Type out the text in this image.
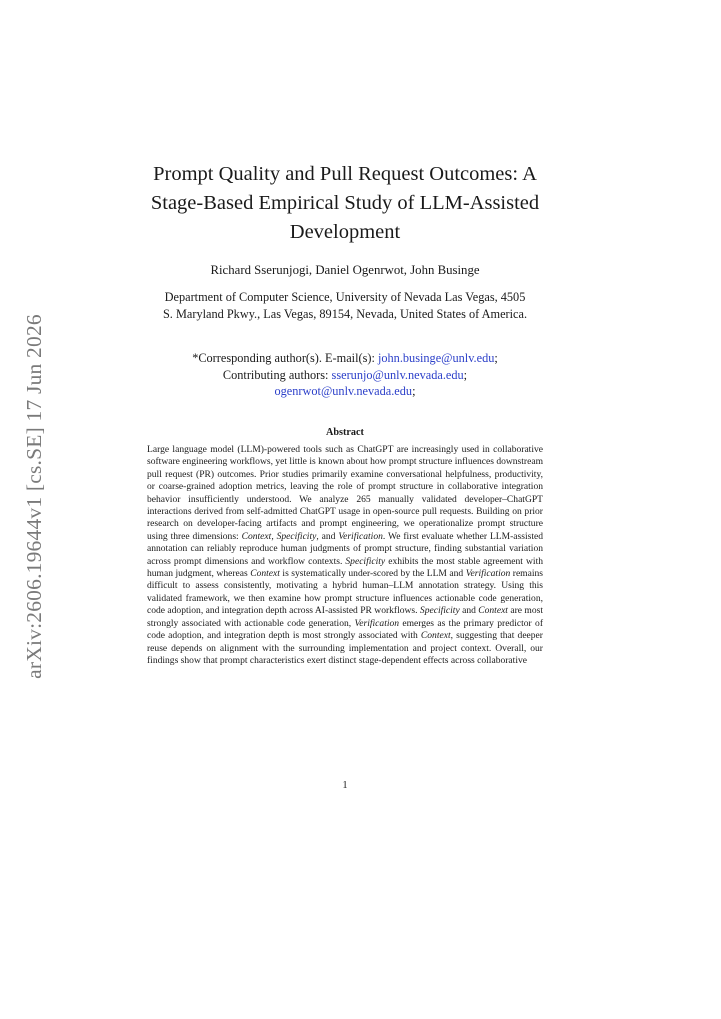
arXiv:2606.19644v1 [cs.SE] 17 Jun 2026
Prompt Quality and Pull Request Outcomes: A
Stage-Based Empirical Study of LLM-Assisted
Development
Richard Sserunjogi, Daniel Ogenrwot, John Businge
Department of Computer Science, University of Nevada Las Vegas, 4505
S. Maryland Pkwy., Las Vegas, 89154, Nevada, United States of America.
*Corresponding author(s). E-mail(s): john.businge@unlv.edu;
Contributing authors: sserunjo@unlv.nevada.edu;
ogenrwot@unlv.nevada.edu;
Abstract

Large language model (LLM)-powered tools such as ChatGPT are increasingly used in collaborative software engineering workflows, yet little is known about how prompt structure influences downstream pull request (PR) outcomes. Prior studies primarily examine conversational helpfulness, productivity, or coarse-grained adoption metrics, leaving the role of prompt structure in collaborative integration behavior insufficiently understood. We analyze 265 manually validated developer–ChatGPT interactions derived from self-admitted ChatGPT usage in open-source pull requests. Building on prior research on developer-facing artifacts and prompt engineering, we operationalize prompt structure using three dimensions: Context, Specificity, and Verification. We first evaluate whether LLM-assisted annotation can reliably reproduce human judgments of prompt structure, finding substantial variation across prompt dimensions and workflow contexts. Specificity exhibits the most stable agreement with human judgment, whereas Context is systematically under-scored by the LLM and Verification remains difficult to assess consistently, motivating a hybrid human–LLM annotation strategy. Using this validated framework, we then examine how prompt structure influences actionable code generation, code adoption, and integration depth across AI-assisted PR workflows. Specificity and Context are most strongly associated with actionable code generation, Verification emerges as the primary predictor of code adoption, and integration depth is most strongly associated with Context, suggesting that deeper reuse depends on alignment with the surrounding implementation and project context. Overall, our findings show that prompt characteristics exert distinct stage-dependent effects across collaborative

1
